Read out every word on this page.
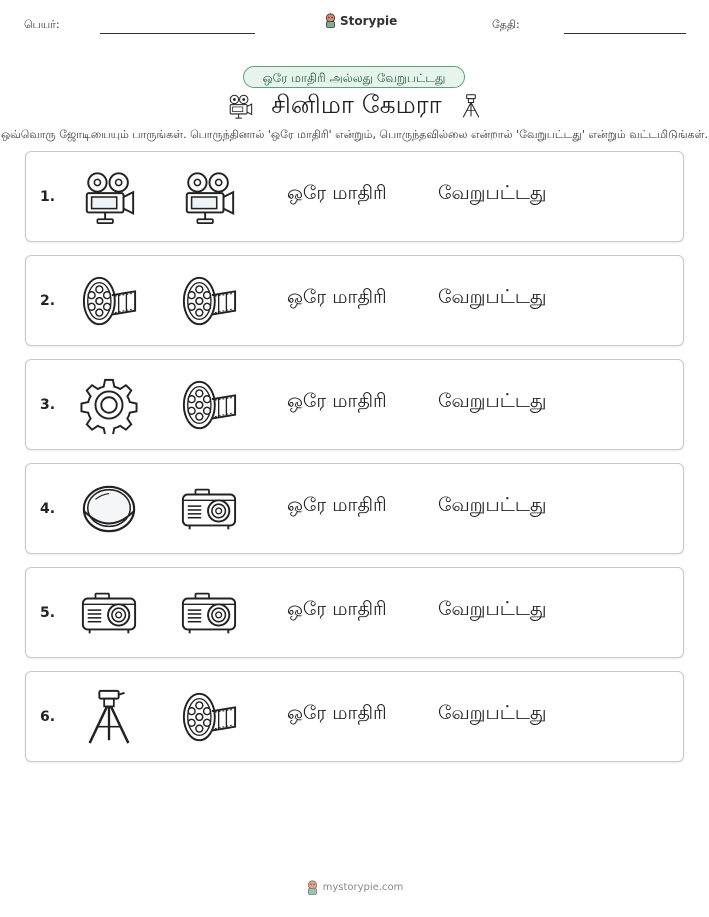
பெயர்:	Storypie	தேதி:
ஒரே மாதிரி அல்லது வேறுபட்டது
சினிமா கேமரா
ஒவ்வொரு ஜோடியையும் பாருங்கள். பொருந்தினால் 'ஒரே மாதிரி' என்றும், பொருந்தவில்லை என்றால் 'வேறுபட்டது' என்றும் வட்டமிடுங்கள்.
1.	ஒரே மாதிரி	வேறுபட்டது
2.	ஒரே மாதிரி	வேறுபட்டது
3.	ஒரே மாதிரி	வேறுபட்டது
4.	ஒரே மாதிரி	வேறுபட்டது
5.	ஒரே மாதிரி	வேறுபட்டது
6.	ஒரே மாதிரி	வேறுபட்டது
mystorypie.com
